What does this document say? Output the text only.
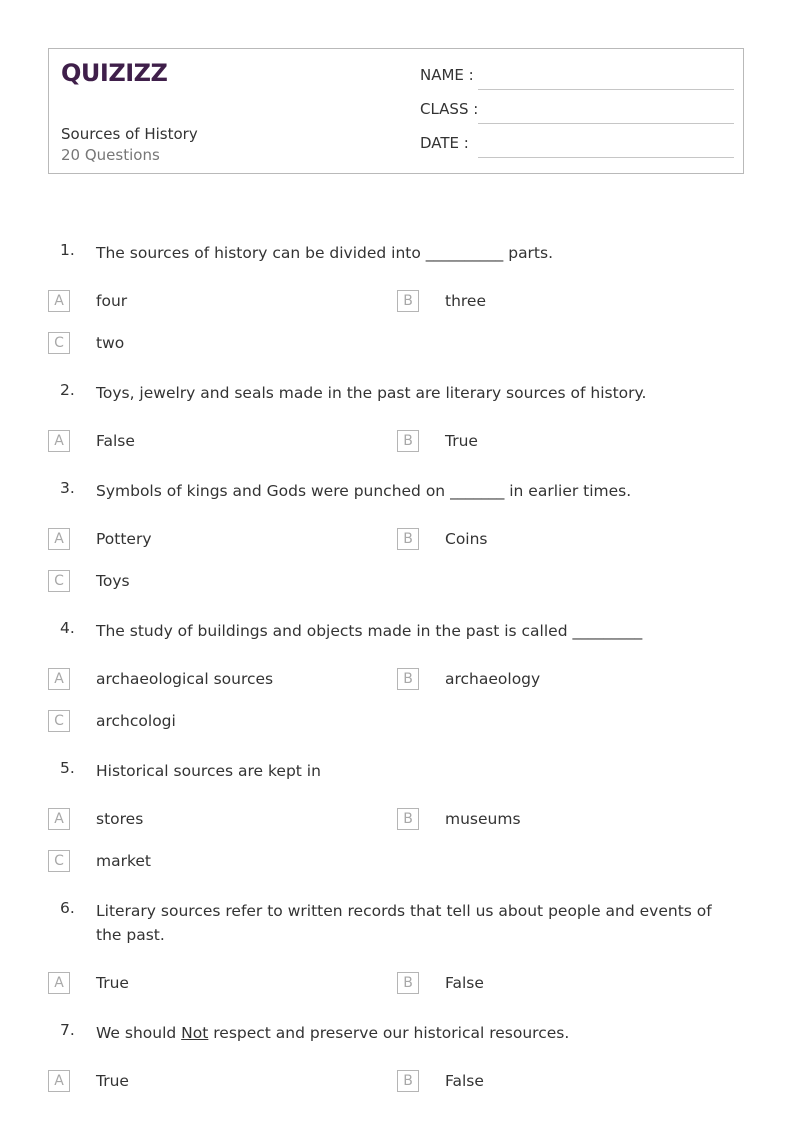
QUIZIZZ
Sources of History
20 Questions
NAME :
CLASS :
DATE :
1. The sources of history can be divided into __________ parts.
A	four	B	three
C	two
2. Toys, jewelry and seals made in the past are literary sources of history.
A	False	B	True
3. Symbols of kings and Gods were punched on _______ in earlier times.
A	Pottery	B	Coins
C	Toys
4. The study of buildings and objects made in the past is called _________
A	archaeological sources	B	archaeology
C	archcologi
5. Historical sources are kept in
A	stores	B	museums
C	market
6. Literary sources refer to written records that tell us about people and events of the past.
A	True	B	False
7. We should Not respect and preserve our historical resources.
A	True	B	False
